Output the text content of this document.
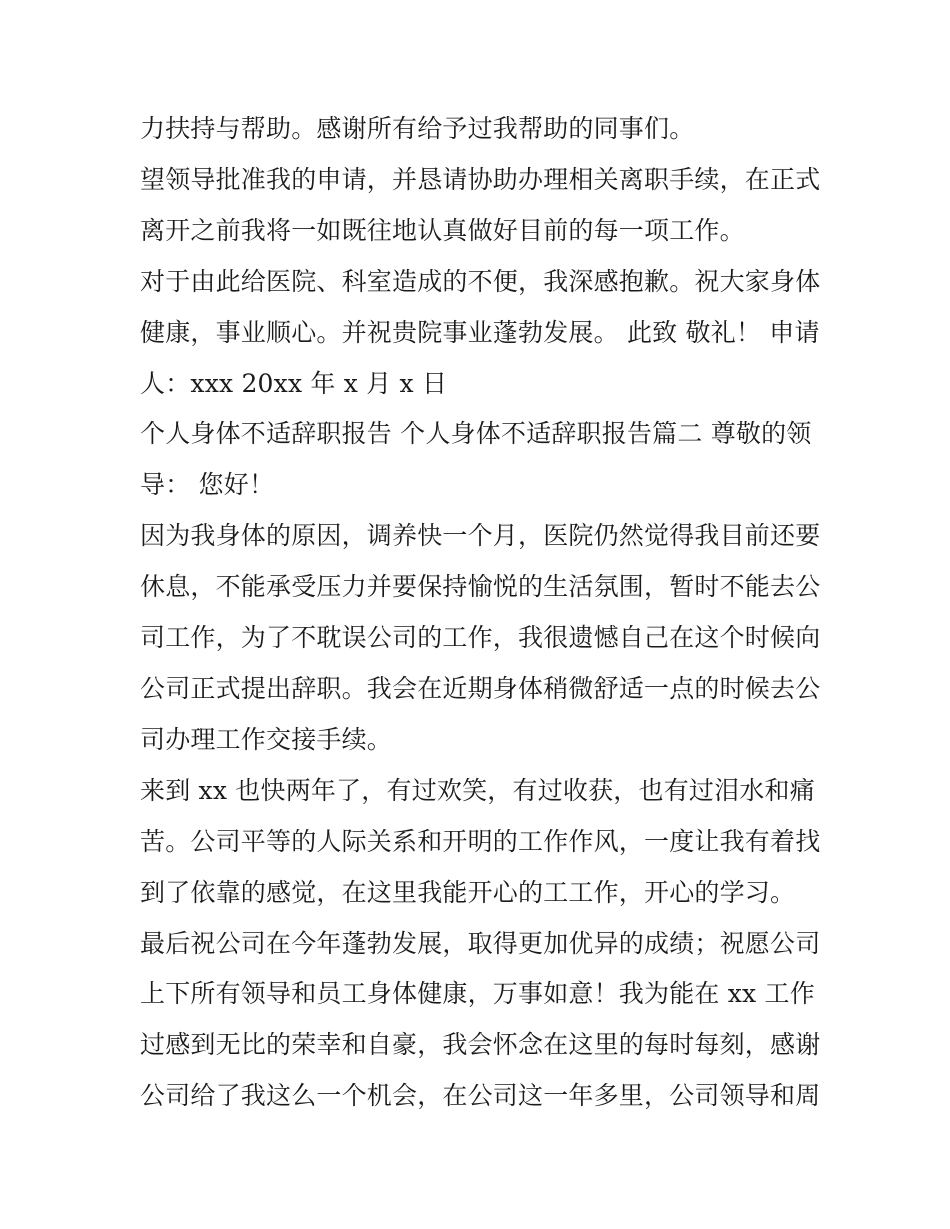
力扶持与帮助。感谢所有给予过我帮助的同事们。
望领导批准我的申请，并恳请协助办理相关离职手续，在正式
离开之前我将一如既往地认真做好目前的每一项工作。
对于由此给医院、科室造成的不便，我深感抱歉。祝大家身体
健康，事业顺心。并祝贵院事业蓬勃发展。 此致 敬礼！ 申请
人：xxx 20xx 年 x 月 x 日
个人身体不适辞职报告 个人身体不适辞职报告篇二 尊敬的领
导： 您好！
因为我身体的原因，调养快一个月，医院仍然觉得我目前还要
休息，不能承受压力并要保持愉悦的生活氛围，暂时不能去公
司工作，为了不耽误公司的工作，我很遗憾自己在这个时候向
公司正式提出辞职。我会在近期身体稍微舒适一点的时候去公
司办理工作交接手续。
来到 xx 也快两年了，有过欢笑，有过收获，也有过泪水和痛
苦。公司平等的人际关系和开明的工作作风，一度让我有着找
到了依靠的感觉，在这里我能开心的工工作，开心的学习。
最后祝公司在今年蓬勃发展，取得更加优异的成绩；祝愿公司
上下所有领导和员工身体健康，万事如意！我为能在 xx 工作
过感到无比的荣幸和自豪，我会怀念在这里的每时每刻，感谢
公司给了我这么一个机会，在公司这一年多里，公司领导和周
